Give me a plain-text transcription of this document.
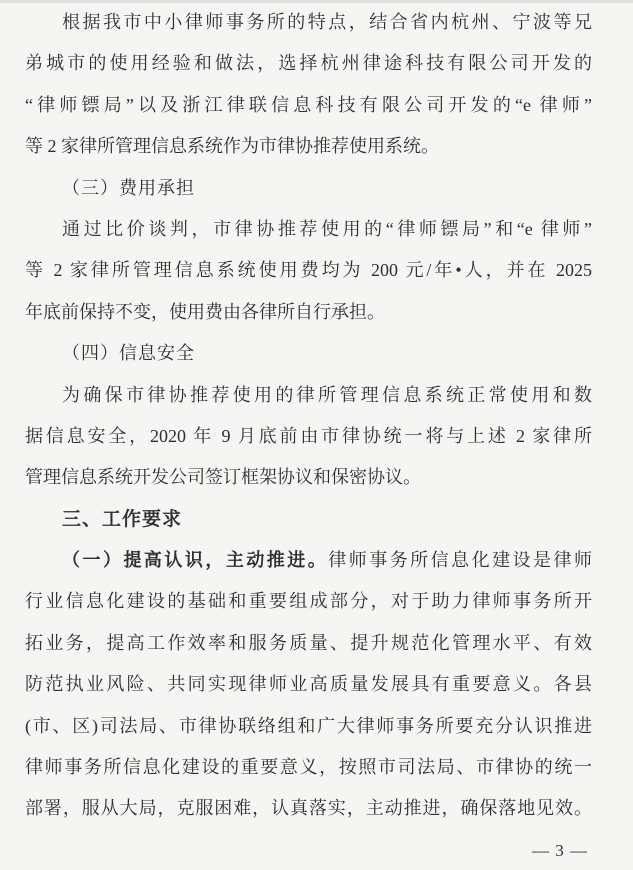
根据我市中小律师事务所的特点，结合省内杭州、宁波等兄
弟城市的使用经验和做法，选择杭州律途科技有限公司开发的
“律师镖局”以及浙江律联信息科技有限公司开发的“e 律师”
等 2 家律所管理信息系统作为市律协推荐使用系统。
（三）费用承担
通过比价谈判，市律协推荐使用的“律师镖局”和“e 律师”
等 2 家律所管理信息系统使用费均为 200 元/年•人，并在 2025
年底前保持不变，使用费由各律所自行承担。
（四）信息安全
为确保市律协推荐使用的律所管理信息系统正常使用和数
据信息安全，2020 年 9 月底前由市律协统一将与上述 2 家律所
管理信息系统开发公司签订框架协议和保密协议。
三、工作要求
（一）提高认识，主动推进。律师事务所信息化建设是律师
行业信息化建设的基础和重要组成部分，对于助力律师事务所开
拓业务，提高工作效率和服务质量、提升规范化管理水平、有效
防范执业风险、共同实现律师业高质量发展具有重要意义。各县
(市、区)司法局、市律协联络组和广大律师事务所要充分认识推进
律师事务所信息化建设的重要意义，按照市司法局、市律协的统一
部署，服从大局，克服困难，认真落实，主动推进，确保落地见效。
— 3 —
